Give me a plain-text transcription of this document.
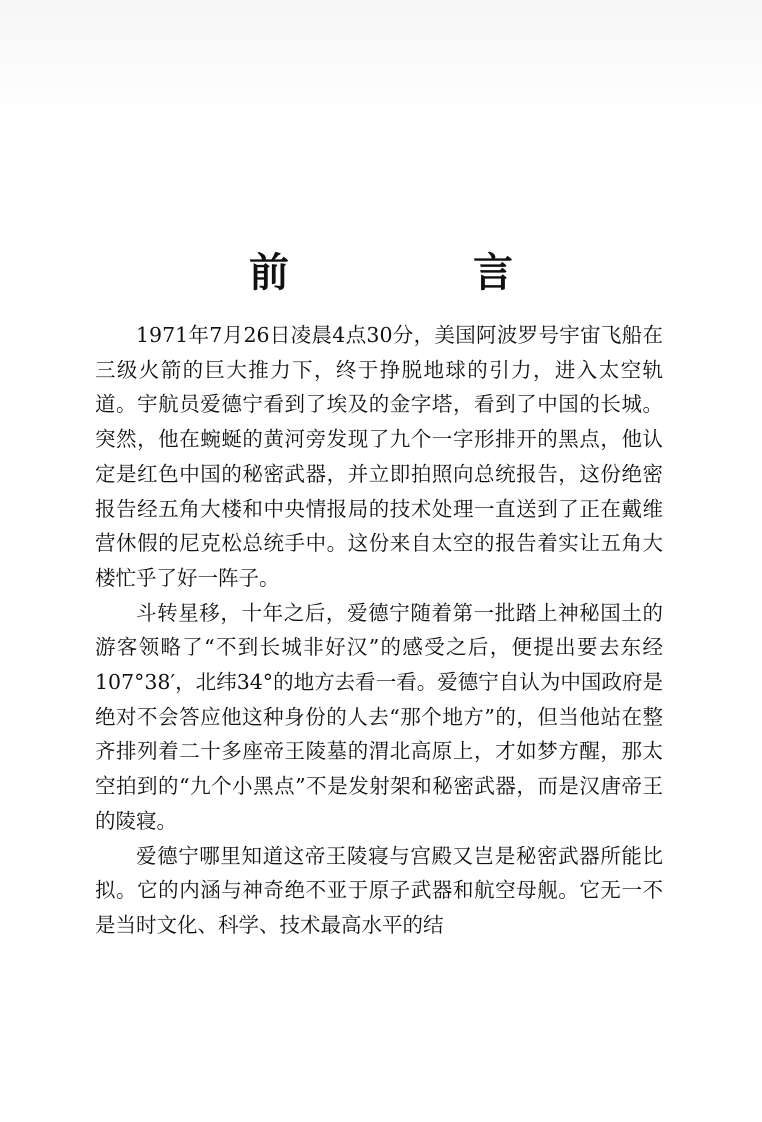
前　言

1971年7月26日凌晨4点30分，美国阿波罗号宇宙飞船在三级火箭的巨大推力下，终于挣脱地球的引力，进入太空轨道。宇航员爱德宁看到了埃及的金字塔，看到了中国的长城。突然，他在蜿蜒的黄河旁发现了九个一字形排开的黑点，他认定是红色中国的秘密武器，并立即拍照向总统报告，这份绝密报告经五角大楼和中央情报局的技术处理一直送到了正在戴维营休假的尼克松总统手中。这份来自太空的报告着实让五角大楼忙乎了好一阵子。

斗转星移，十年之后，爱德宁随着第一批踏上神秘国土的游客领略了“不到长城非好汉”的感受之后，便提出要去东经107°38′，北纬34°的地方去看一看。爱德宁自认为中国政府是绝对不会答应他这种身份的人去“那个地方”的，但当他站在整齐排列着二十多座帝王陵墓的渭北高原上，才如梦方醒，那太空拍到的“九个小黑点”不是发射架和秘密武器，而是汉唐帝王的陵寝。

爱德宁哪里知道这帝王陵寝与宫殿又岂是秘密武器所能比拟。它的内涵与神奇绝不亚于原子武器和航空母舰。它无一不是当时文化、科学、技术最高水平的结
